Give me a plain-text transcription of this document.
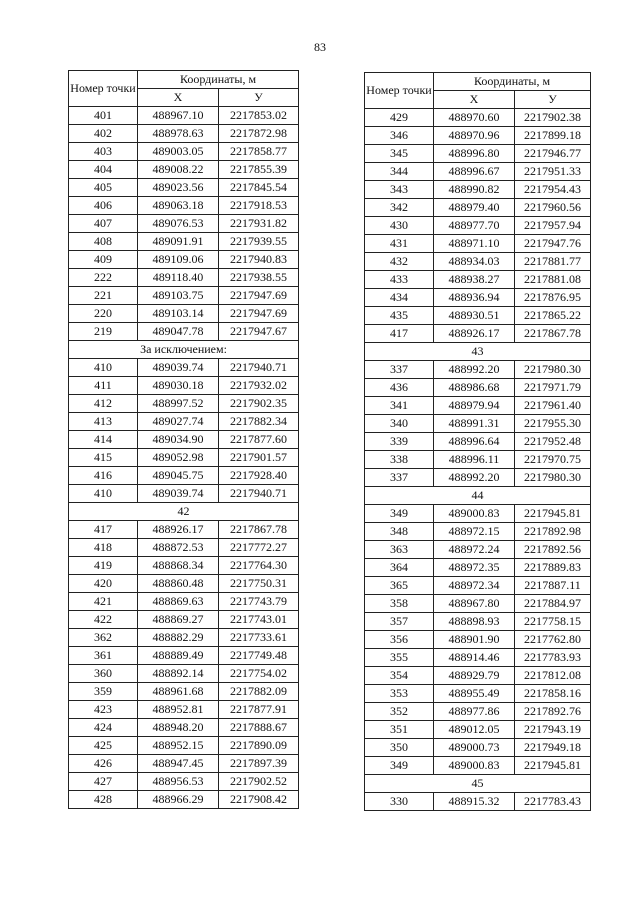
83
Номер точки	Координаты, м	
	X	У
401	488967.10	2217853.02
402	488978.63	2217872.98
403	489003.05	2217858.77
404	489008.22	2217855.39
405	489023.56	2217845.54
406	489063.18	2217918.53
407	489076.53	2217931.82
408	489091.91	2217939.55
409	489109.06	2217940.83
222	489118.40	2217938.55
221	489103.75	2217947.69
220	489103.14	2217947.69
219	489047.78	2217947.67
За исключением:		
410	489039.74	2217940.71
411	489030.18	2217932.02
412	488997.52	2217902.35
413	489027.74	2217882.34
414	489034.90	2217877.60
415	489052.98	2217901.57
416	489045.75	2217928.40
410	489039.74	2217940.71
42		
417	488926.17	2217867.78
418	488872.53	2217772.27
419	488868.34	2217764.30
420	488860.48	2217750.31
421	488869.63	2217743.79
422	488869.27	2217743.01
362	488882.29	2217733.61
361	488889.49	2217749.48
360	488892.14	2217754.02
359	488961.68	2217882.09
423	488952.81	2217877.91
424	488948.20	2217888.67
425	488952.15	2217890.09
426	488947.45	2217897.39
427	488956.53	2217902.52
428	488966.29	2217908.42
Номер точки	Координаты, м	
	X	У
429	488970.60	2217902.38
346	488970.96	2217899.18
345	488996.80	2217946.77
344	488996.67	2217951.33
343	488990.82	2217954.43
342	488979.40	2217960.56
430	488977.70	2217957.94
431	488971.10	2217947.76
432	488934.03	2217881.77
433	488938.27	2217881.08
434	488936.94	2217876.95
435	488930.51	2217865.22
417	488926.17	2217867.78
43		
337	488992.20	2217980.30
436	488986.68	2217971.79
341	488979.94	2217961.40
340	488991.31	2217955.30
339	488996.64	2217952.48
338	488996.11	2217970.75
337	488992.20	2217980.30
44		
349	489000.83	2217945.81
348	488972.15	2217892.98
363	488972.24	2217892.56
364	488972.35	2217889.83
365	488972.34	2217887.11
358	488967.80	2217884.97
357	488898.93	2217758.15
356	488901.90	2217762.80
355	488914.46	2217783.93
354	488929.79	2217812.08
353	488955.49	2217858.16
352	488977.86	2217892.76
351	489012.05	2217943.19
350	489000.73	2217949.18
349	489000.83	2217945.81
45		
330	488915.32	2217783.43
